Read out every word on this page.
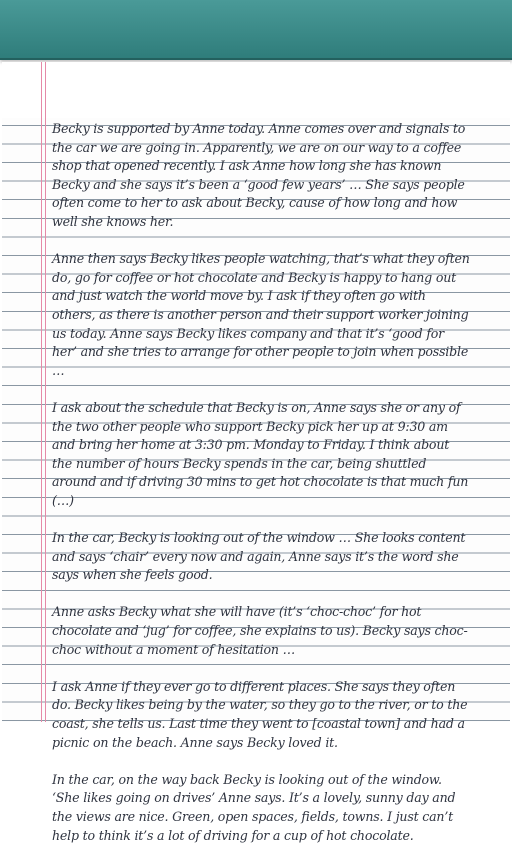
Becky is supported by Anne today. Anne comes over and signals to the car we are going in. Apparently, we are on our way to a coffee shop that opened recently. I ask Anne how long she has known Becky and she says it’s been a ‘good few years’ … She says people often come to her to ask about Becky, cause of how long and how well she knows her.

Anne then says Becky likes people watching, that’s what they often do, go for coffee or hot chocolate and Becky is happy to hang out and just watch the world move by. I ask if they often go with others, as there is another person and their support worker joining us today. Anne says Becky likes company and that it’s ‘good for her’ and she tries to arrange for other people to join when possible …

I ask about the schedule that Becky is on, Anne says she or any of the two other people who support Becky pick her up at 9:30 am and bring her home at 3:30 pm. Monday to Friday. I think about the number of hours Becky spends in the car, being shuttled around and if driving 30 mins to get hot chocolate is that much fun (…)

In the car, Becky is looking out of the window … She looks content and says ‘chair’ every now and again, Anne says it’s the word she says when she feels good.

Anne asks Becky what she will have (it’s ‘choc-choc’ for hot chocolate and ‘jug’ for coffee, she explains to us). Becky says choc-choc without a moment of hesitation …

I ask Anne if they ever go to different places. She says they often do. Becky likes being by the water, so they go to the river, or to the coast, she tells us. Last time they went to [coastal town] and had a picnic on the beach. Anne says Becky loved it.

In the car, on the way back Becky is looking out of the window. ‘She likes going on drives’ Anne says. It’s a lovely, sunny day and the views are nice. Green, open spaces, fields, towns. I just can’t help to think it’s a lot of driving for a cup of hot chocolate.
